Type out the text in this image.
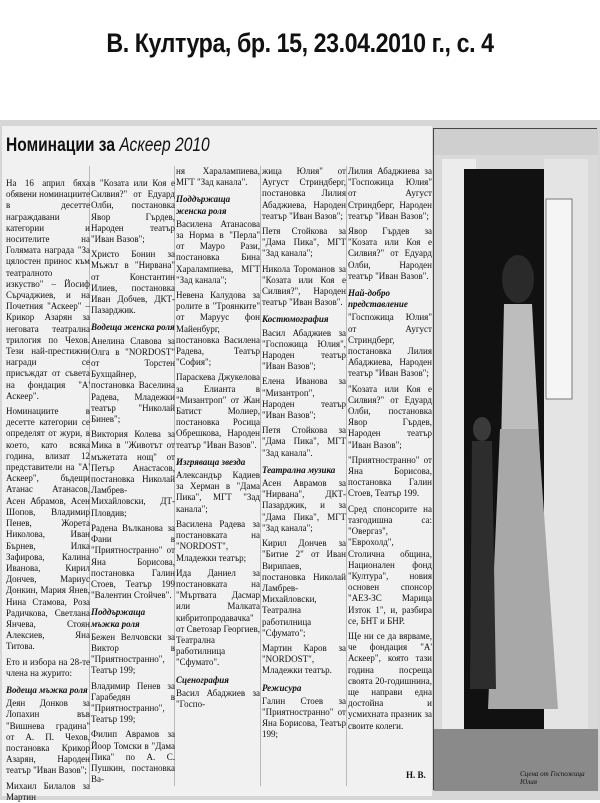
В. Култура, бр. 15, 23.04.2010 г., с. 4
Номинации за Аскеер 2010

На 16 април бяха обявени номинациите в десетте награждавани категории и носителите на Голямата награда "За цялостен принос към театралното изкуство" – Йосиф Сърчаджиев, и на Почетния "Аскеер" – Крикор Азарян за неговата театрална трилогия по Чехов. Тези най-престижни награди се присъждат от съвета на фондация "А' Аскеер".

Номинациите в десетте категории се определят от жури, в което, като всяка година, влизат 12 представители на "А' Аскеер", бъдещи Атанас Атанасов, Асен Абрамов, Асен Шопов, Владимир Пенев, Жорета Николова, Иван Бърнев, Илка Зафирова, Калина Иванова, Кирил Дончев, Мариус Донкин, Мария Янев, Нина Стамова, Роза Радичкова, Светлана Янчева, Стоян Алексиев, Яна Титова.

Ето и изборa на 28-те члена на журито:

Водеща мъжка роля

Деян Донков за Лопахин във "Вишнева градина" от А. П. Чехов, постановка Крикор Азарян, Народен театър "Иван Вазов";

Михаил Билалов за Мартин

в "Козата или Коя е Силвия?" от Едуард Олби, постановка Явор Гърдев, Народен театър "Иван Вазов";

Христо Бонин за Мъжът в "Нирвана" от Константин Илиев, постановка Иван Добчев, ДКТ-Пазарджик.

Водеща женска роля

Анелина Славова за Олга в "NORDOST" от Торстен Бухщайнер, постановка Васелина Радева, Младежки театър "Николай Бинев";

Виктория Колева за Мика в "Животът от мъжетата нощ" от Петър Анастасов, постановка Николай Ламбрев-Михайловски, ДТ-Пловдив;

Радена Вълканова за Фани в "Приятностранно" от Яна Борисова, постановка Галин Стоев, Театър 199 "Валентин Стойчев".

Поддържаща мъжка роля

Бежен Велчовски за Виктор в "Приятностранно", Театър 199;

Владимир Пенев за Гарабедян в "Приятностранно", Театър 199;

Филип Аврамов за Йоор Томски в "Дама Пика" по А. С. Пушкин, постановка Ва-

ня Харалампиева, МГТ "Зад канала".

Поддържаща женска роля

Василена Атанасова за Норма в "Перла" от Мауро Рази, постановка Бина Харалампиева, МГТ "Зад канала";

Невена Калудова за ролите в "Троянките" от Маруус фон Майенбург, постановка Василена Радева, Театър "София";

Параскева Джукелова за Елианта в "Мизантроп" от Жан Батист Молиер, постановка Росица Обрешкова, Народен театър "Иван Вазов".

Изгряваща звезда

Александър Кадиев за Херман в "Дама Пика", МГТ "Зад канала";

Василена Радева за постановката на "NORDOST", Младежки театър;

Ида Даниел за постановката на "Мъртвата Дасмар или Малката кибритопродавачка" от Светозар Георгиев, Театрална работилница "Сфумато".

Сценография

Васил Абаджиев за "Госпо-

жица Юлия" от Аугуст Стриндберг, постановка Лилия Абаджиева, Народен театър "Иван Вазов";

Петя Стойкова за "Дама Пика", МГТ "Зад канала";

Никола Тороманов за "Козата или Коя е Силвия?", Народен театър "Иван Вазов".

Костюмография

Васил Абаджиев за "Госпожица Юлия", Народен театър "Иван Вазов";

Елена Иванова за "Мизантроп", Народен театър "Иван Вазов";

Петя Стойкова за "Дама Пика", МГТ "Зад канала".

Театрална музика

Асен Аврамов за "Нирвана", ДКТ-Пазарджик, и за "Дама Пика", МГТ "Зад канала";

Кирил Дончев за "Битие 2" от Иван Вирипаев, постановка Николай Ламбрев-Михайловски, Театрална работилница "Сфумато";

Мартин Каров за "NORDOST", Младежки театър.

Режисура

Галин Стоев за "Приятностранно" от Яна Борисова, Театър 199;

Лилия Абаджиева за "Госпожица Юлия" от Аугуст Стриндберг, Народен театър "Иван Вазов";

Явор Гърдев за "Козата или Коя е Силвия?" от Едуард Олби, Народен театър "Иван Вазов".

Най-добро представление

"Госпожица Юлия" от Аугуст Стриндберг, постановка Лилия Абаджиева, Народен театър "Иван Вазов";

"Козата или Коя е Силвия?" от Едуард Олби, постановка Явор Гърдев, Народен театър "Иван Вазов";

"Приятностранно" от Яна Борисова, постановка Галин Стоев, Театър 199.

Сред спонсорите на тазгодишна са: "Овергаз", "Еврохолд", Столична община, Национален фонд "Култура", новия основен спонсор "АЕЗ-ЗС Марица Изток 1", и, разбира се, БНТ и БНР.

Ще ни се да вярваме, че фондация "А' Аскеер", която тази година посреща своята 20-годишнина, ще направи една достойна и усмихната празник за своите колеги.

Н. В.	Сцена от Госпожица Юлия
